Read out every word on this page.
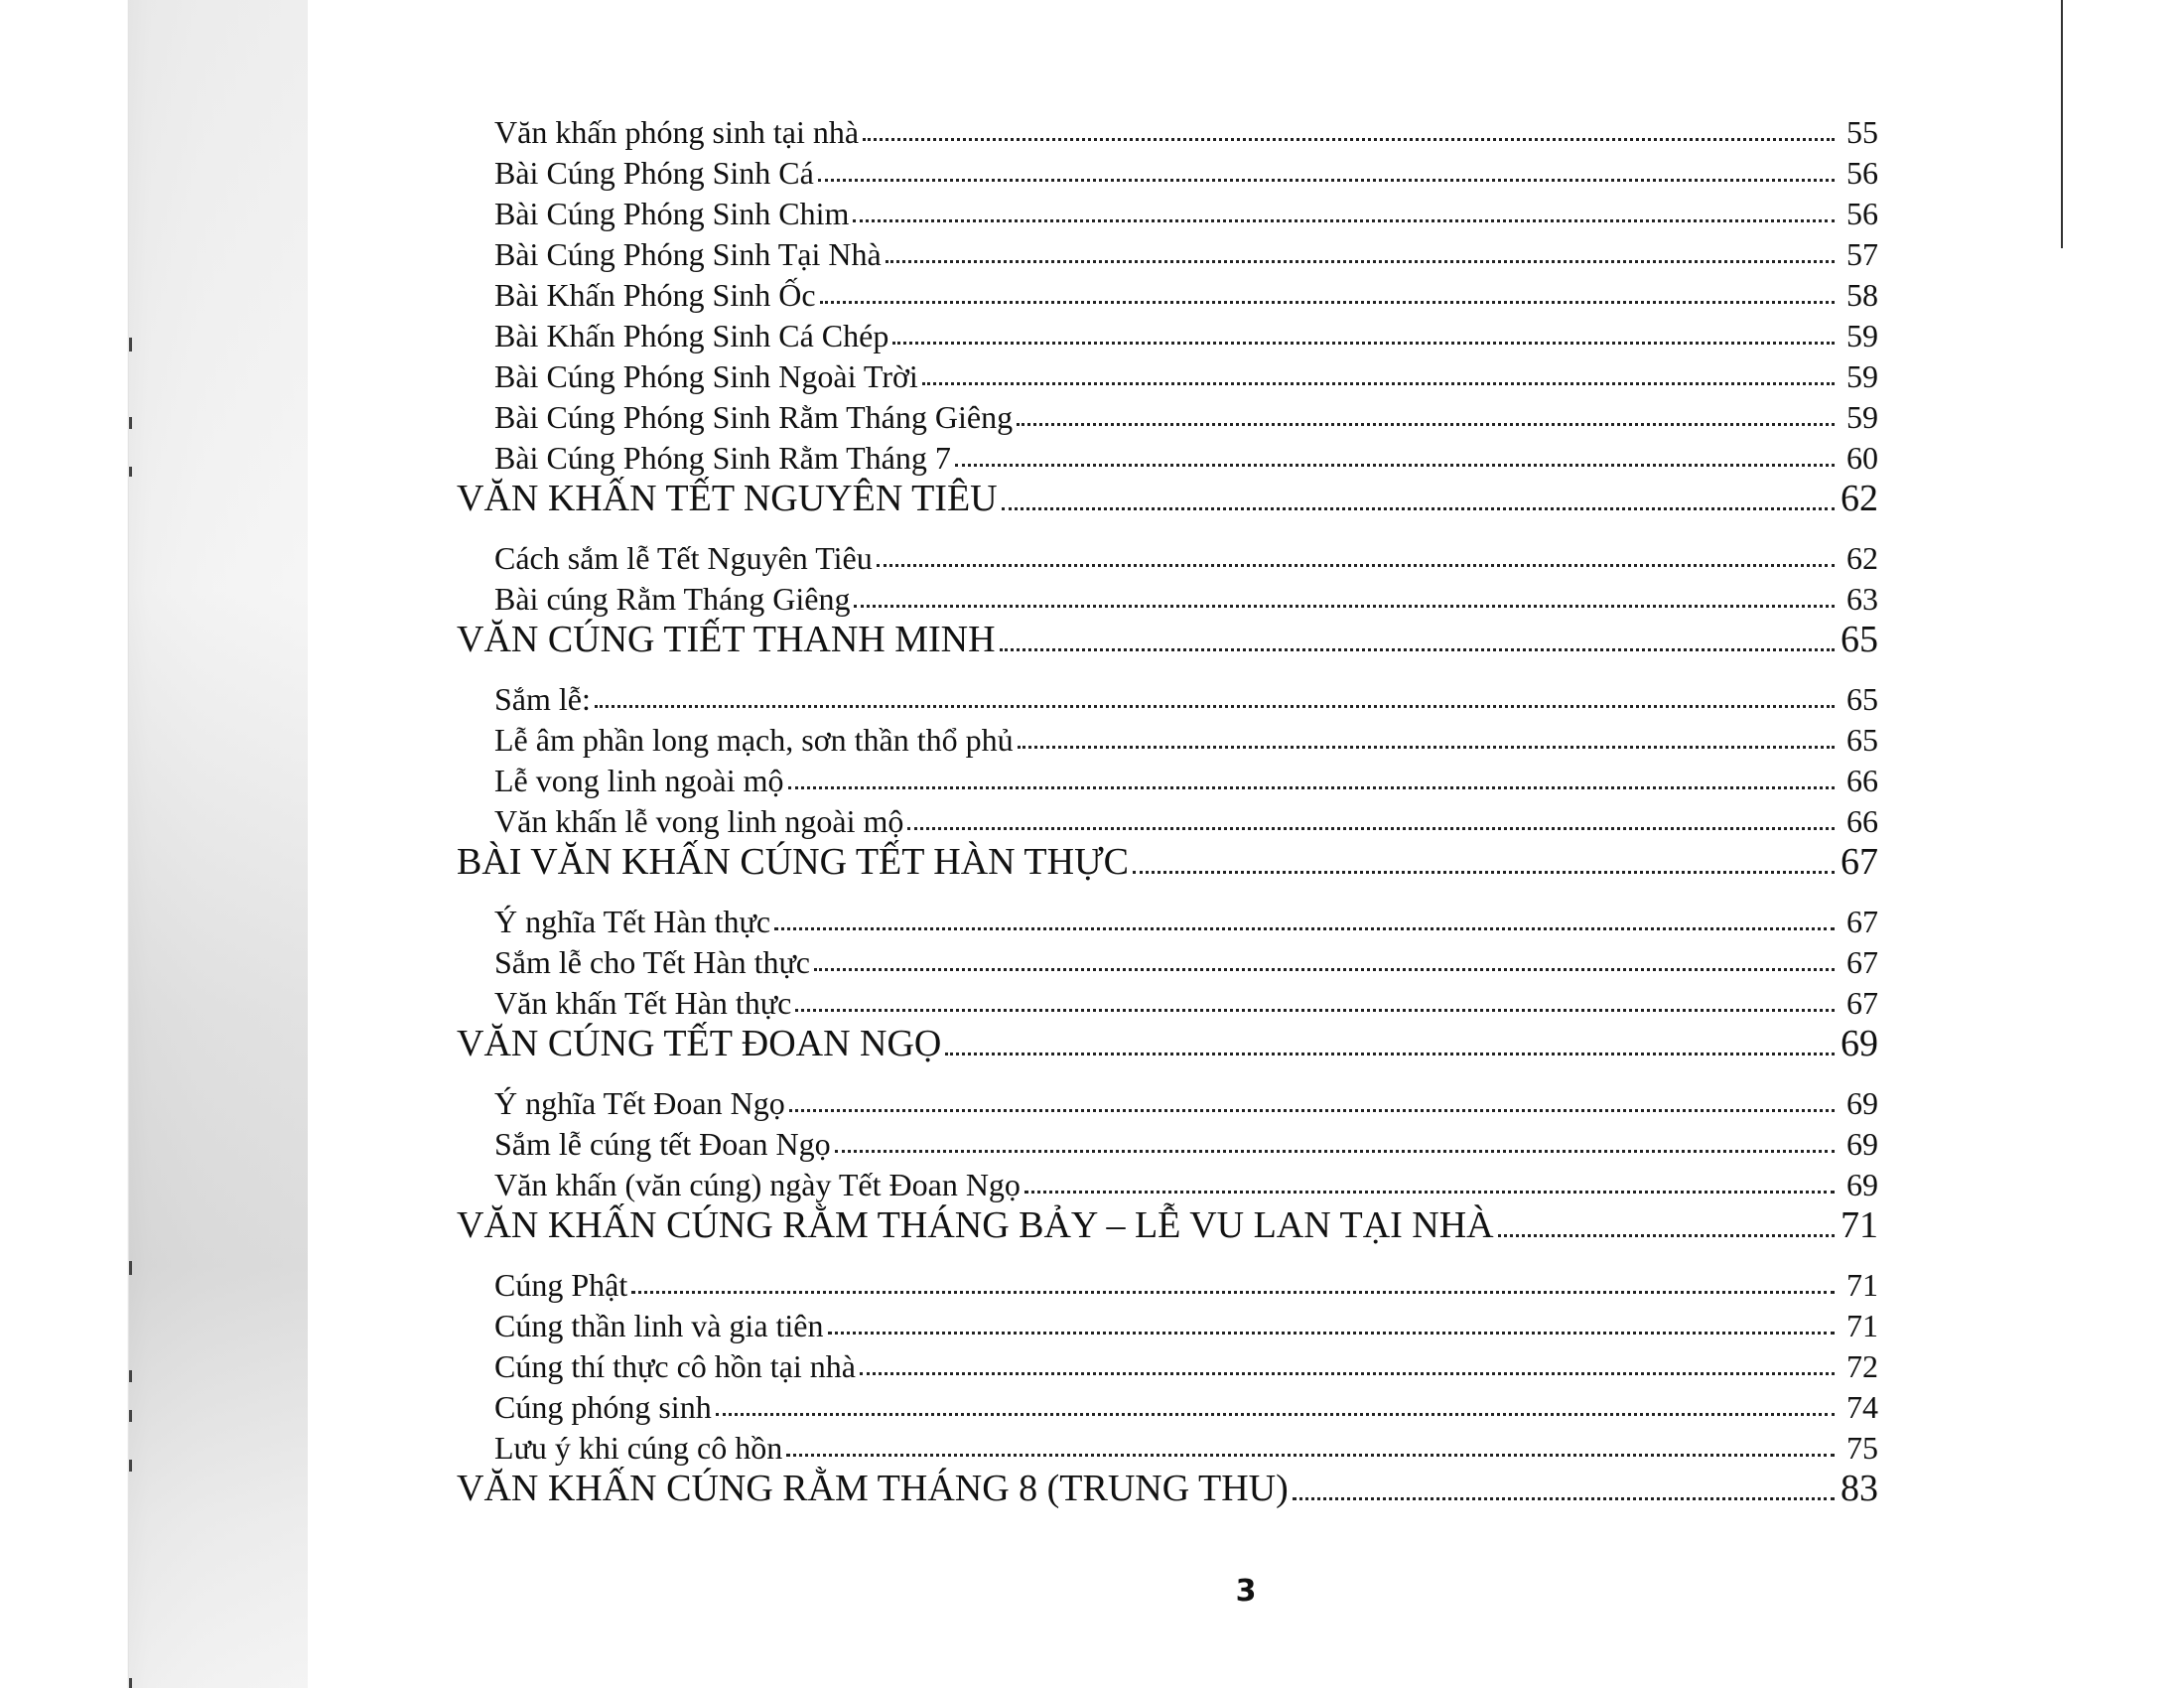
Văn khấn phóng sinh tại nhà	55
Bài Cúng Phóng Sinh Cá	56
Bài Cúng Phóng Sinh Chim	56
Bài Cúng Phóng Sinh Tại Nhà	57
Bài Khấn Phóng Sinh Ốc	58
Bài Khấn Phóng Sinh Cá Chép	59
Bài Cúng Phóng Sinh Ngoài Trời	59
Bài Cúng Phóng Sinh Rằm Tháng Giêng	59
Bài Cúng Phóng Sinh Rằm Tháng 7	60
VĂN KHẤN TẾT NGUYÊN TIÊU	62
Cách sắm lễ Tết Nguyên Tiêu	62
Bài cúng Rằm Tháng Giêng	63
VĂN CÚNG TIẾT THANH MINH	65
Sắm lễ:	65
Lễ âm phần long mạch, sơn thần thổ phủ	65
Lễ vong linh ngoài mộ	66
Văn khấn lễ vong linh ngoài mộ	66
BÀI VĂN KHẤN CÚNG TẾT HÀN THỰC	67
Ý nghĩa Tết Hàn thực	67
Sắm lễ cho Tết Hàn thực	67
Văn khấn Tết Hàn thực	67
VĂN CÚNG TẾT ĐOAN NGỌ	69
Ý nghĩa Tết Đoan Ngọ	69
Sắm lễ cúng tết Đoan Ngọ	69
Văn khấn (văn cúng) ngày Tết Đoan Ngọ	69
VĂN KHẤN CÚNG RẰM THÁNG BẢY – LỄ VU LAN TẠI NHÀ	71
Cúng Phật	71
Cúng thần linh và gia tiên	71
Cúng thí thực cô hồn tại nhà	72
Cúng phóng sinh	74
Lưu ý khi cúng cô hồn	75
VĂN KHẤN CÚNG RẰM THÁNG 8 (TRUNG THU)	83
3
